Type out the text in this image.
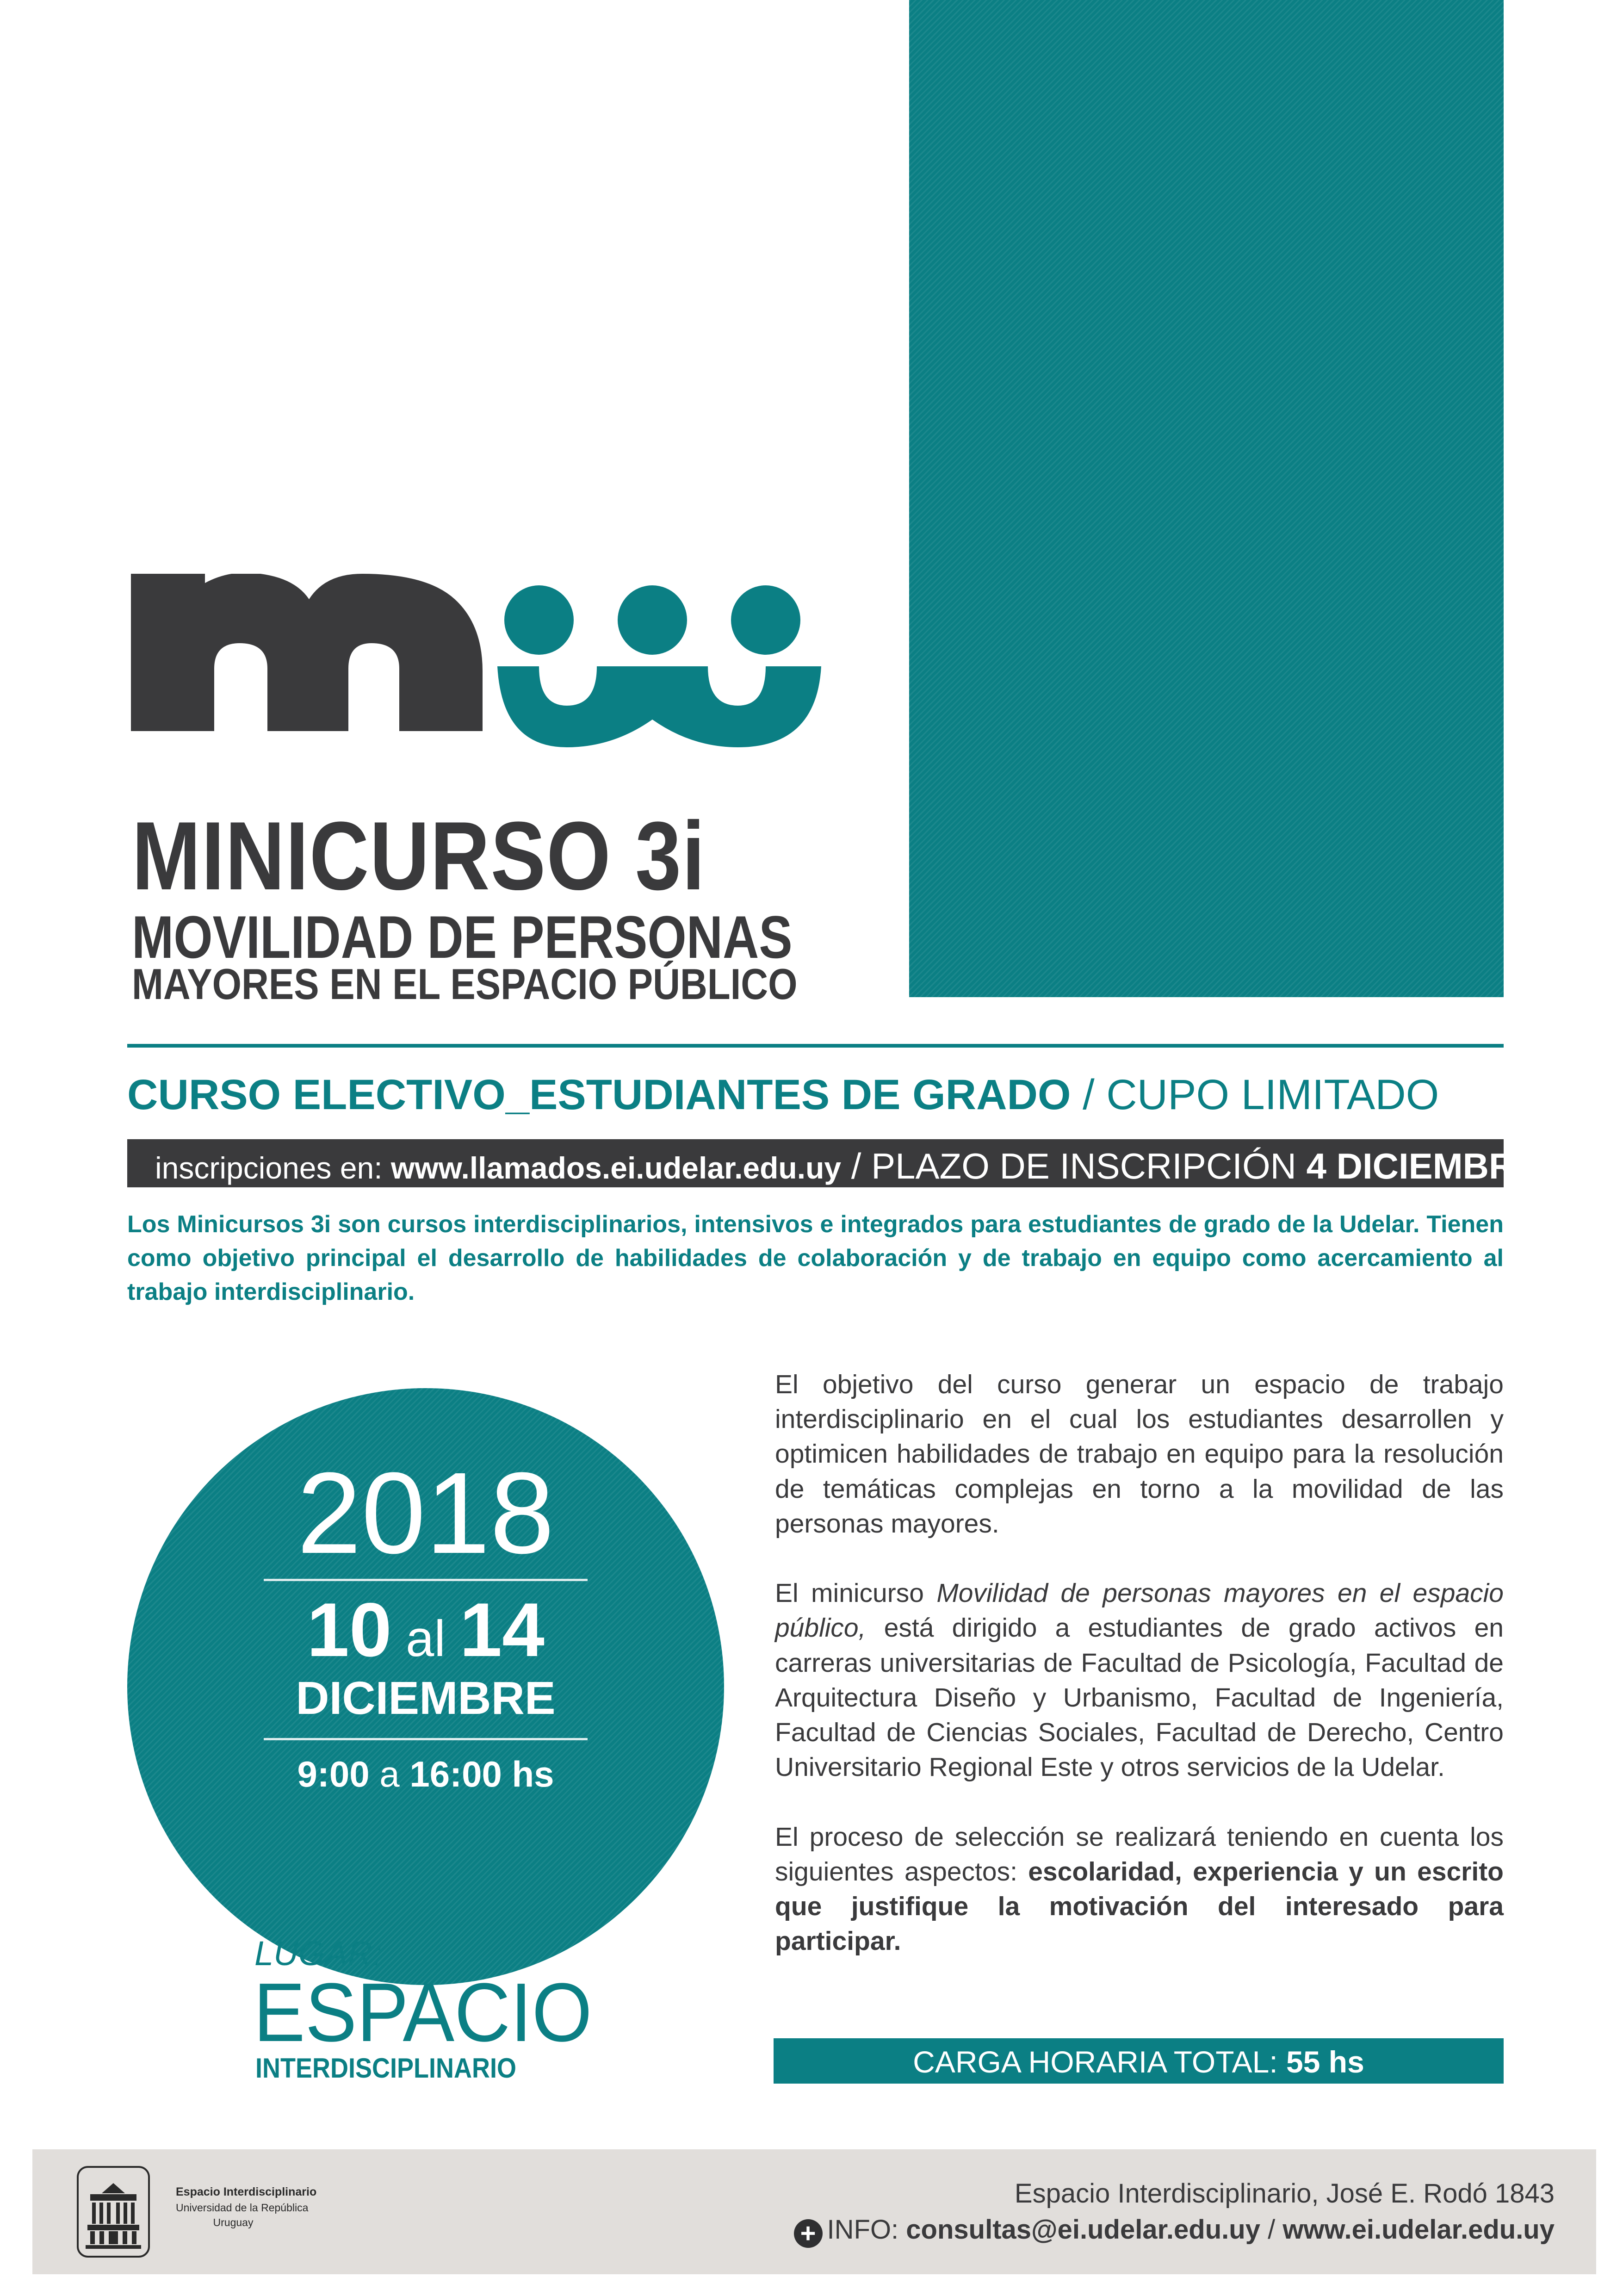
MINICURSO 3i
MOVILIDAD DE PERSONAS
MAYORES EN EL ESPACIO PÚBLICO
CURSO ELECTIVO_ESTUDIANTES DE GRADO / CUPO LIMITADO
inscripciones en: www.llamados.ei.udelar.edu.uy / PLAZO DE INSCRIPCIÓN 4 DICIEMBRE
Los Minicursos 3i son cursos interdisciplinarios, intensivos e integrados para estudiantes de grado de la Udelar. Tienen como objetivo principal el desarrollo de habilidades de colaboración y de trabajo en equipo como acercamiento al trabajo interdisciplinario.
2018
10 al 14
DICIEMBRE
9:00 a 16:00 hs
LUGAR:
ESPACIO
INTERDISCIPLINARIO

El objetivo del curso generar un espacio de trabajo interdisciplinario en el cual los estudiantes desarrollen y optimicen habilidades de trabajo en equipo para la resolución de temáticas complejas en torno a la movilidad de las personas mayores.

El minicurso Movilidad de personas mayores en el espacio público, está dirigido a estudiantes de grado activos en carreras universitarias de Facultad de Psicología, Facultad de Arquitectura Diseño y Urbanismo, Facultad de Ingeniería, Facultad de Ciencias Sociales, Facultad de Derecho, Centro Universitario Regional Este y otros servicios de la Udelar.

El proceso de selección se realizará teniendo en cuenta los siguientes aspectos: escolaridad, experiencia y un escrito que justifique la motivación del interesado para participar.

CARGA HORARIA TOTAL: 55 hs
Espacio Interdisciplinario
Universidad de la República
Uruguay
Espacio Interdisciplinario, José E. Rodó 1843
+ INFO: consultas@ei.udelar.edu.uy / www.ei.udelar.edu.uy
